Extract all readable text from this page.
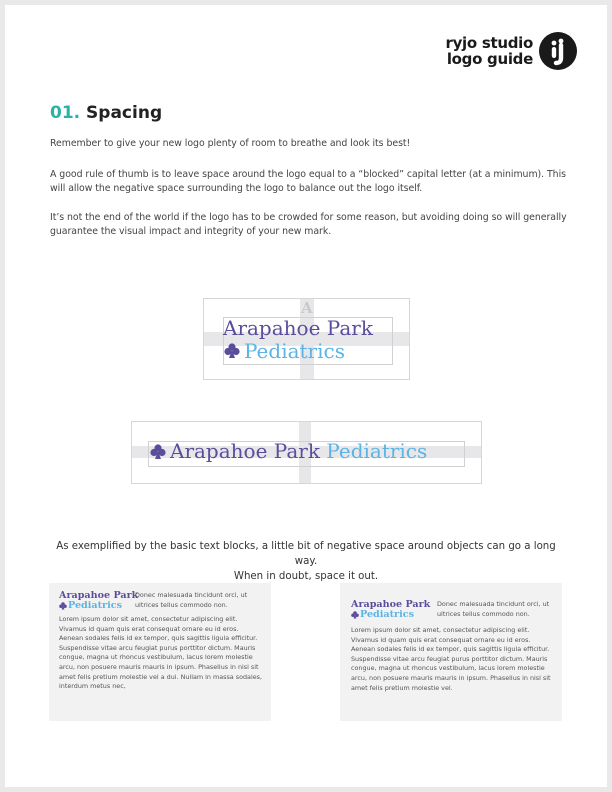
ryjo studio
logo guide
01. Spacing
Remember to give your new logo plenty of room to breathe and look its best!
A good rule of thumb is to leave space around the logo equal to a “blocked” capital letter (at a minimum). This will allow the negative space surrounding the logo to balance out the logo itself.
It’s not the end of the world if the logo has to be crowded for some reason, but avoiding doing so will generally guarantee the visual impact and integrity of your new mark.
A
Arapahoe Park
Pediatrics
Arapahoe Park Pediatrics
As exemplified by the basic text blocks, a little bit of negative space around objects can go a long way.
When in doubt, space it out.
Arapahoe Park
Pediatrics
Donec malesuada tincidunt orci, ut ultrices tellus commodo non.
Lorem ipsum dolor sit amet, consectetur adipiscing elit. Vivamus id quam quis erat consequat ornare eu id eros. Aenean sodales felis id ex tempor, quis sagittis ligula efficitur. Suspendisse vitae arcu feugiat purus porttitor dictum. Mauris congue, magna ut rhoncus vestibulum, lacus lorem molestie arcu, non posuere mauris mauris in ipsum. Phasellus in nisl sit amet felis pretium molestie vel a dui. Nullam in massa sodales, interdum metus nec,
Arapahoe Park
Pediatrics
Donec malesuada tincidunt orci, ut ultrices tellus commodo non.
Lorem ipsum dolor sit amet, consectetur adipiscing elit. Vivamus id quam quis erat consequat ornare eu id eros. Aenean sodales felis id ex tempor, quis sagittis ligula efficitur. Suspendisse vitae arcu feugiat purus porttitor dictum. Mauris congue, magna ut rhoncus vestibulum, lacus lorem molestie arcu, non posuere mauris mauris in ipsum. Phasellus in nisl sit amet felis pretium molestie vel.
